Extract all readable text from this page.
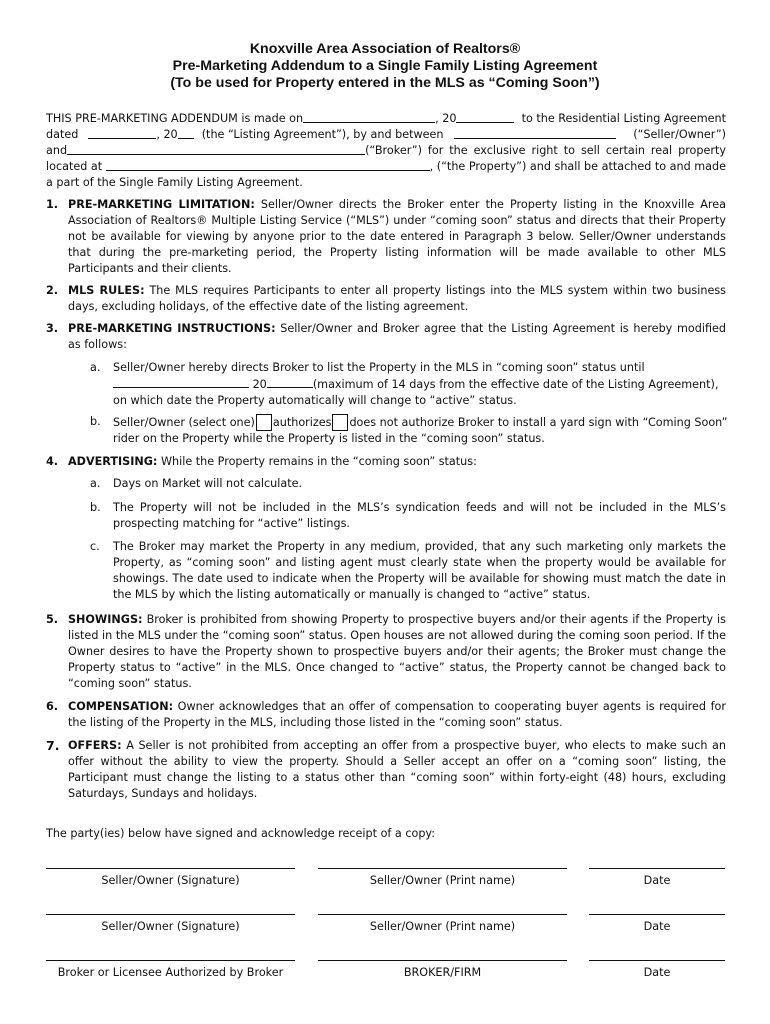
Knoxville Area Association of Realtors®
Pre-Marketing Addendum to a Single Family Listing Agreement
(To be used for Property entered in the MLS as “Coming Soon”)
THIS PRE-MARKETING ADDENDUM is made on	, 20	to the Residential Listing Agreement
dated	, 20 (the “Listing Agreement”), by and between	(“Seller/Owner”)
and	(“Broker”) for the exclusive right to sell certain real property
located at	, (“the Property”) and shall be attached to and made
a part of the Single Family Listing Agreement.
1. PRE-MARKETING LIMITATION: Seller/Owner directs the Broker enter the Property listing in the Knoxville Area Association of Realtors® Multiple Listing Service (“MLS”) under “coming soon” status and directs that their Property not be available for viewing by anyone prior to the date entered in Paragraph 3 below. Seller/Owner understands that during the pre-marketing period, the Property listing information will be made available to other MLS Participants and their clients.
2. MLS RULES: The MLS requires Participants to enter all property listings into the MLS system within two business days, excluding holidays, of the effective date of the listing agreement.
3. PRE-MARKETING INSTRUCTIONS: Seller/Owner and Broker agree that the Listing Agreement is hereby modified as follows:
a.	Seller/Owner hereby directs Broker to list the Property in the MLS in “coming soon” status until
20	(maximum of 14 days from the effective date of the Listing Agreement),
on which date the Property automatically will change to “active” status.
b.	Seller/Owner (select one) authorizes does not authorize Broker to install a yard sign with “Coming Soon”
rider on the Property while the Property is listed in the “coming soon” status.
4. ADVERTISING: While the Property remains in the “coming soon” status:
a.	Days on Market will not calculate.
b.	The Property will not be included in the MLS’s syndication feeds and will not be included in the MLS’s prospecting matching for “active” listings.
c.	The Broker may market the Property in any medium, provided, that any such marketing only markets the Property, as “coming soon” and listing agent must clearly state when the property would be available for showings. The date used to indicate when the Property will be available for showing must match the date in the MLS by which the listing automatically or manually is changed to “active” status.
5. SHOWINGS: Broker is prohibited from showing Property to prospective buyers and/or their agents if the Property is listed in the MLS under the “coming soon” status. Open houses are not allowed during the coming soon period. If the Owner desires to have the Property shown to prospective buyers and/or their agents; the Broker must change the Property status to “active” in the MLS. Once changed to “active” status, the Property cannot be changed back to “coming soon” status.
6. COMPENSATION: Owner acknowledges that an offer of compensation to cooperating buyer agents is required for the listing of the Property in the MLS, including those listed in the “coming soon” status.
7. OFFERS: A Seller is not prohibited from accepting an offer from a prospective buyer, who elects to make such an offer without the ability to view the property. Should a Seller accept an offer on a “coming soon” listing, the Participant must change the listing to a status other than “coming soon” within forty-eight (48) hours, excluding Saturdays, Sundays and holidays.
The party(ies) below have signed and acknowledge receipt of a copy:
Seller/Owner (Signature)	Seller/Owner (Print name)	Date
Seller/Owner (Signature)	Seller/Owner (Print name)	Date
Broker or Licensee Authorized by Broker	BROKER/FIRM	Date
